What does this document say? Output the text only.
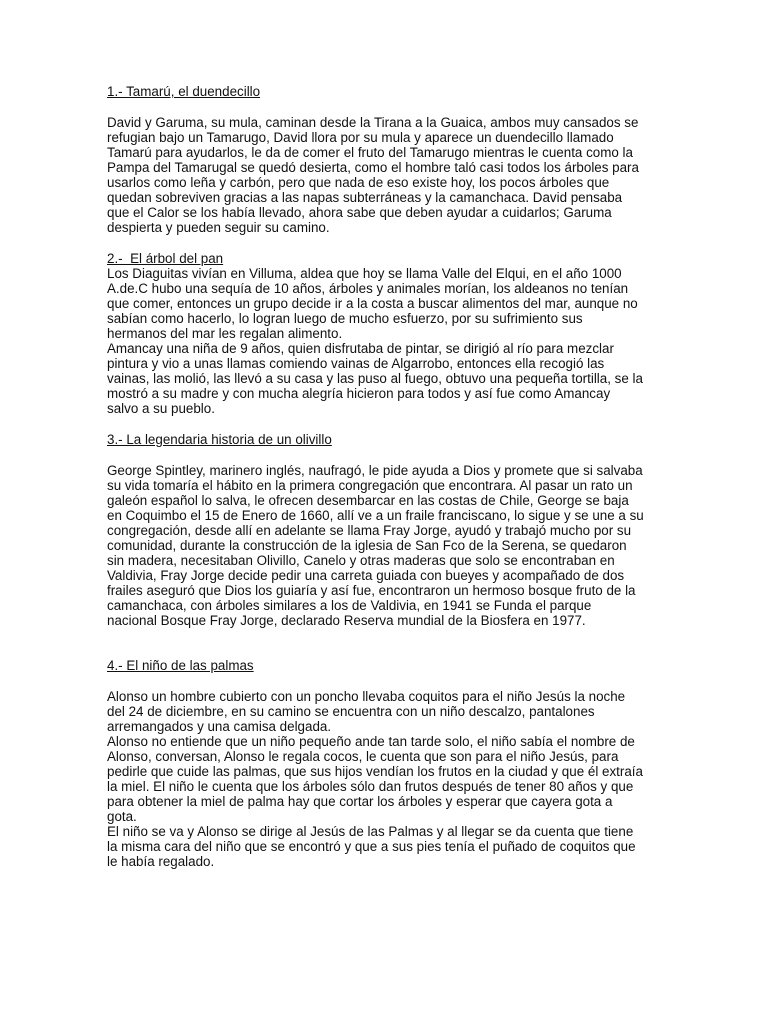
1.- Tamarú, el duendecillo

David y Garuma, su mula, caminan desde la Tirana a la Guaica, ambos muy cansados se
refugian bajo un Tamarugo, David llora por su mula y aparece un duendecillo llamado
Tamarú para ayudarlos, le da de comer el fruto del Tamarugo mientras le cuenta como la
Pampa del Tamarugal se quedó desierta, como el hombre taló casi todos los árboles para
usarlos como leña y carbón, pero que nada de eso existe hoy, los pocos árboles que
quedan sobreviven gracias a las napas subterráneas y la camanchaca. David pensaba
que el Calor se los había llevado, ahora sabe que deben ayudar a cuidarlos; Garuma
despierta y pueden seguir su camino.

2.-  El árbol del pan

Los Diaguitas vivían en Villuma, aldea que hoy se llama Valle del Elqui, en el año 1000
A.de.C hubo una sequía de 10 años, árboles y animales morían, los aldeanos no tenían
que comer, entonces un grupo decide ir a la costa a buscar alimentos del mar, aunque no
sabían como hacerlo, lo logran luego de mucho esfuerzo, por su sufrimiento sus
hermanos del mar les regalan alimento.

Amancay una niña de 9 años, quien disfrutaba de pintar, se dirigió al río para mezclar
pintura y vio a unas llamas comiendo vainas de Algarrobo, entonces ella recogió las
vainas, las molió, las llevó a su casa y las puso al fuego, obtuvo una pequeña tortilla, se la
mostró a su madre y con mucha alegría hicieron para todos y así fue como Amancay
salvo a su pueblo.

3.- La legendaria historia de un olivillo

George Spintley, marinero inglés, naufragó, le pide ayuda a Dios y promete que si salvaba
su vida tomaría el hábito en la primera congregación que encontrara. Al pasar un rato un
galeón español lo salva, le ofrecen desembarcar en las costas de Chile, George se baja
en Coquimbo el 15 de Enero de 1660, allí ve a un fraile franciscano, lo sigue y se une a su
congregación, desde allí en adelante se llama Fray Jorge, ayudó y trabajó mucho por su
comunidad, durante la construcción de la iglesia de San Fco de la Serena, se quedaron
sin madera, necesitaban Olivillo, Canelo y otras maderas que solo se encontraban en
Valdivia, Fray Jorge decide pedir una carreta guiada con bueyes y acompañado de dos
frailes aseguró que Dios los guiaría y así fue, encontraron un hermoso bosque fruto de la
camanchaca, con árboles similares a los de Valdivia, en 1941 se Funda el parque
nacional Bosque Fray Jorge, declarado Reserva mundial de la Biosfera en 1977.

4.- El niño de las palmas

Alonso un hombre cubierto con un poncho llevaba coquitos para el niño Jesús la noche
del 24 de diciembre, en su camino se encuentra con un niño descalzo, pantalones
arremangados y una camisa delgada.

Alonso no entiende que un niño pequeño ande tan tarde solo, el niño sabía el nombre de
Alonso, conversan, Alonso le regala cocos, le cuenta que son para el niño Jesús, para
pedirle que cuide las palmas, que sus hijos vendían los frutos en la ciudad y que él extraía
la miel. El niño le cuenta que los árboles sólo dan frutos después de tener 80 años y que
para obtener la miel de palma hay que cortar los árboles y esperar que cayera gota a
gota.

El niño se va y Alonso se dirige al Jesús de las Palmas y al llegar se da cuenta que tiene
la misma cara del niño que se encontró y que a sus pies tenía el puñado de coquitos que
le había regalado.
